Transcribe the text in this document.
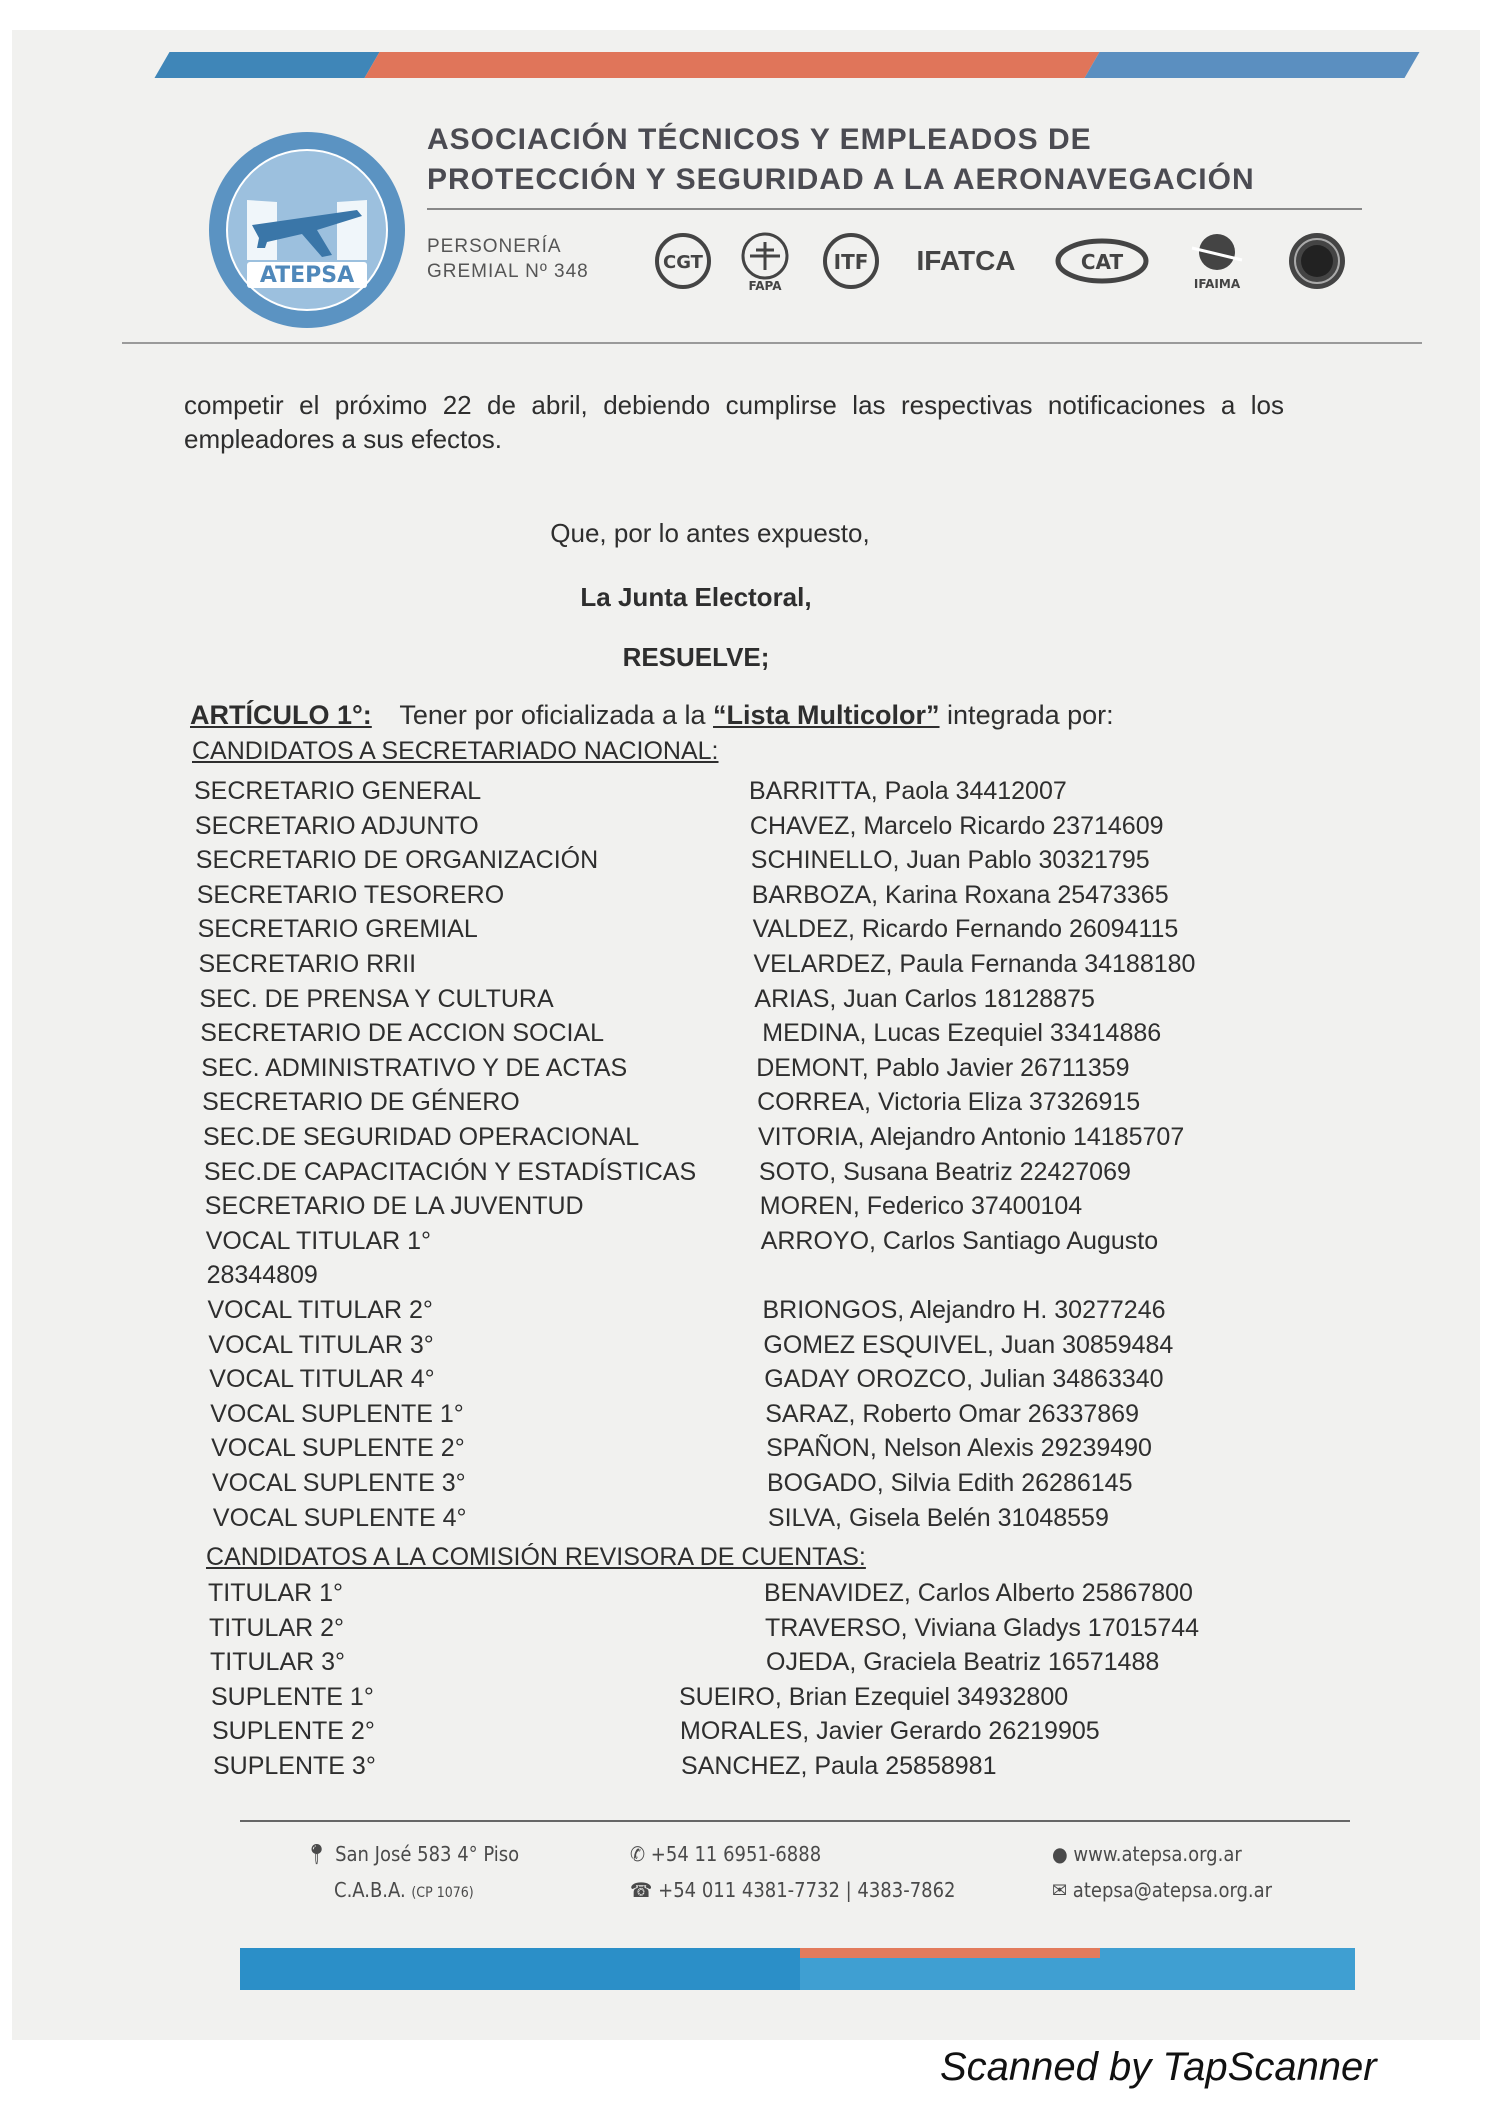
ATEPSA
ASOCIACIÓN TÉCNICOS Y EMPLEADOS DE
PROTECCIÓN Y SEGURIDAD A LA AERONAVEGACIÓN
PERSONERÍA
GREMIAL Nº 348	CGT
FAPA
ITF	IFATCA	CAT
IFAIMA
competir el próximo 22 de abril, debiendo cumplirse las respectivas notificaciones a los empleadores a sus efectos.
Que, por lo antes expuesto,
La Junta Electoral,
RESUELVE;
ARTÍCULO 1°: Tener por oficializada a la “Lista Multicolor” integrada por:
CANDIDATOS A SECRETARIADO NACIONAL:
SECRETARIO GENERAL	BARRITTA, Paola 34412007
SECRETARIO ADJUNTO	CHAVEZ, Marcelo Ricardo 23714609
SECRETARIO DE ORGANIZACIÓN	SCHINELLO, Juan Pablo 30321795
SECRETARIO TESORERO	BARBOZA, Karina Roxana 25473365
SECRETARIO GREMIAL	VALDEZ, Ricardo Fernando 26094115
SECRETARIO RRII	VELARDEZ, Paula Fernanda 34188180
SEC. DE PRENSA Y CULTURA	ARIAS, Juan Carlos 18128875
SECRETARIO DE ACCION SOCIAL	MEDINA, Lucas Ezequiel 33414886
SEC. ADMINISTRATIVO Y DE ACTAS	DEMONT, Pablo Javier 26711359
SECRETARIO DE GÉNERO	CORREA, Victoria Eliza 37326915
SEC.DE SEGURIDAD OPERACIONAL	VITORIA, Alejandro Antonio 14185707
SEC.DE CAPACITACIÓN Y ESTADÍSTICAS	SOTO, Susana Beatriz 22427069
SECRETARIO DE LA JUVENTUD	MOREN, Federico 37400104
VOCAL TITULAR 1°	ARROYO, Carlos Santiago Augusto
28344809
VOCAL TITULAR 2°	BRIONGOS, Alejandro H. 30277246
VOCAL TITULAR 3°	GOMEZ ESQUIVEL, Juan 30859484
VOCAL TITULAR 4°	GADAY OROZCO, Julian 34863340
VOCAL SUPLENTE 1°	SARAZ, Roberto Omar 26337869
VOCAL SUPLENTE 2°	SPAÑON, Nelson Alexis 29239490
VOCAL SUPLENTE 3°	BOGADO, Silvia Edith 26286145
VOCAL SUPLENTE 4°	SILVA, Gisela Belén 31048559
CANDIDATOS A LA COMISIÓN REVISORA DE CUENTAS:
TITULAR 1°	BENAVIDEZ, Carlos Alberto 25867800
TITULAR 2°	TRAVERSO, Viviana Gladys 17015744
TITULAR 3°	OJEDA, Graciela Beatriz 16571488
SUPLENTE 1°	SUEIRO, Brian Ezequiel 34932800
SUPLENTE 2°	MORALES, Javier Gerardo 26219905
SUPLENTE 3°	SANCHEZ, Paula 25858981
📍︎ San José 583 4° Piso
C.A.B.A. (CP 1076)
✆ +54 11 6951-6888
☎ +54 011 4381-7732 | 4383-7862
● www.atepsa.org.ar
✉ atepsa@atepsa.org.ar
Scanned by TapScanner
